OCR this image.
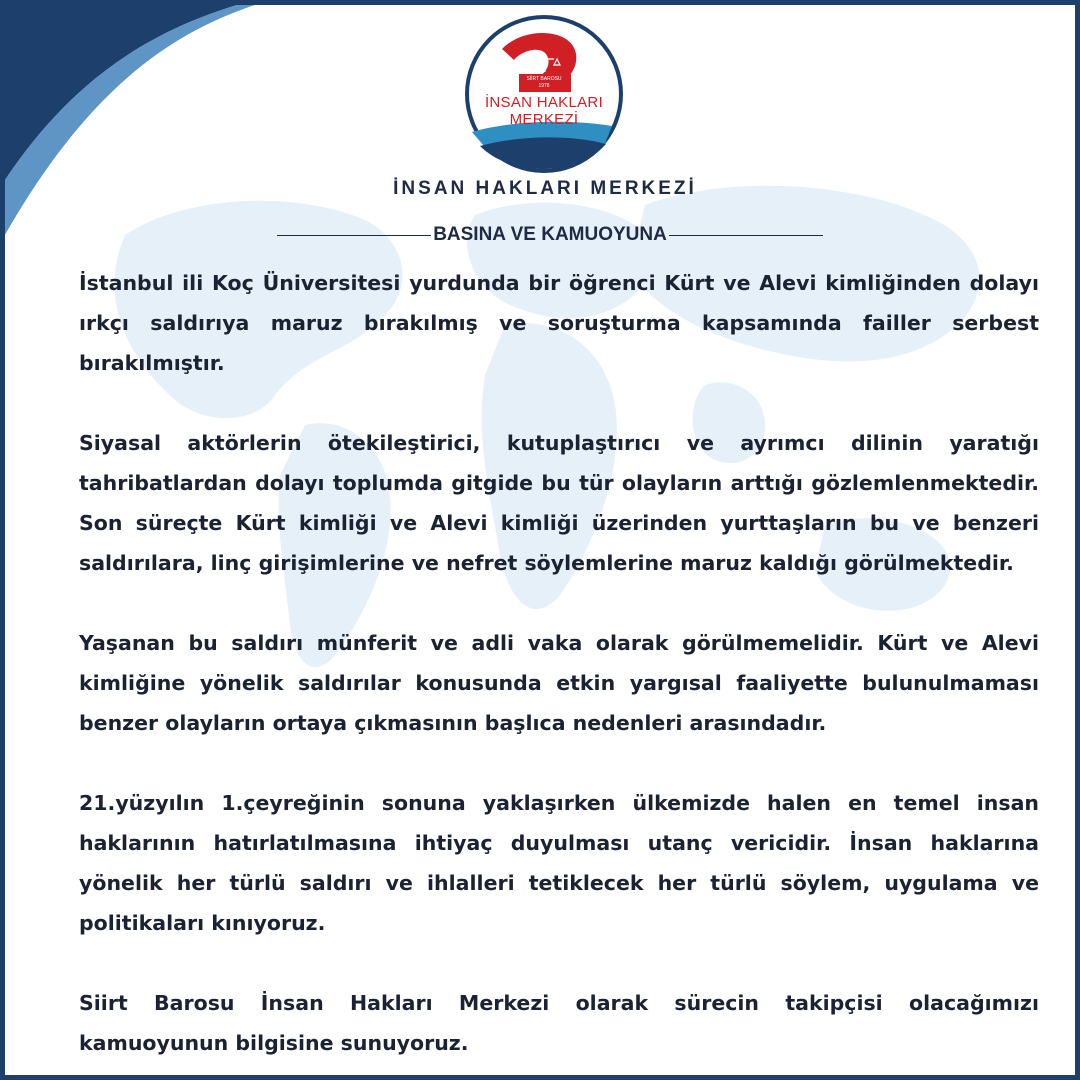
SİİRT BAROSU
1978
İNSAN HAKLARI
MERKEZİ
İNSAN HAKLARI MERKEZİ
BASINA VE KAMUOYUNA

İstanbul ili Koç Üniversitesi yurdunda bir öğrenci Kürt ve Alevi kimliğinden dolayı ırkçı saldırıya maruz bırakılmış ve soruşturma kapsamında failler serbest bırakılmıştır.

Siyasal aktörlerin ötekileştirici, kutuplaştırıcı ve ayrımcı dilinin yaratığı tahribatlardan dolayı toplumda gitgide bu tür olayların arttığı gözlemlenmektedir. Son süreçte Kürt kimliği ve Alevi kimliği üzerinden yurttaşların bu ve benzeri saldırılara, linç girişimlerine ve nefret söylemlerine maruz kaldığı görülmektedir.

Yaşanan bu saldırı münferit ve adli vaka olarak görülmemelidir. Kürt ve Alevi kimliğine yönelik saldırılar konusunda etkin yargısal faaliyette bulunulmaması benzer olayların ortaya çıkmasının başlıca nedenleri arasındadır.

21.yüzyılın 1.çeyreğinin sonuna yaklaşırken ülkemizde halen en temel insan haklarının hatırlatılmasına ihtiyaç duyulması utanç vericidir. İnsan haklarına yönelik her türlü saldırı ve ihlalleri tetiklecek her türlü söylem, uygulama ve politikaları kınıyoruz.

Siirt Barosu İnsan Hakları Merkezi olarak sürecin takipçisi olacağımızı kamuoyunun bilgisine sunuyoruz.
